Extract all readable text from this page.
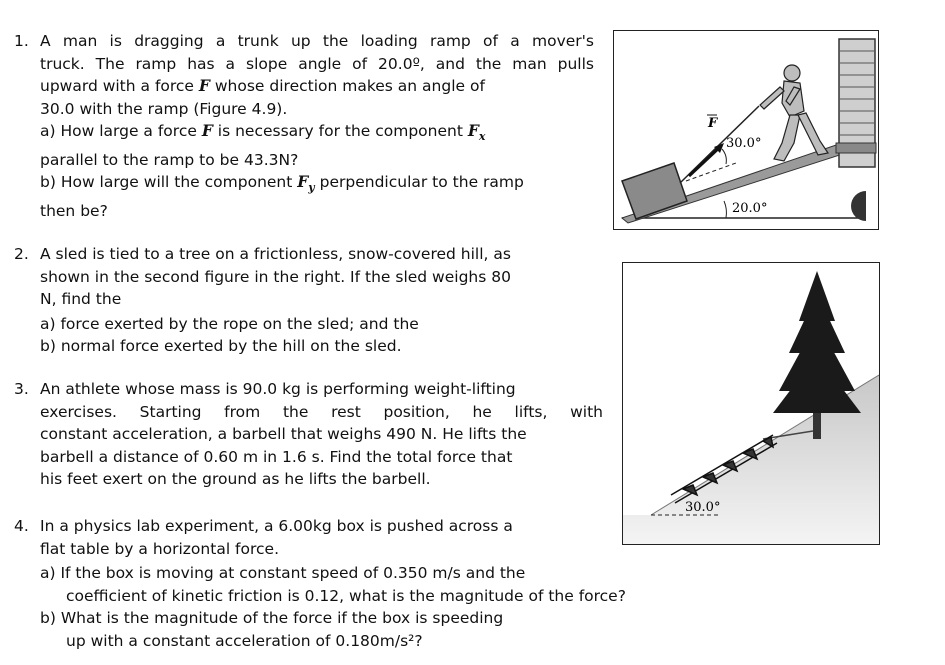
1. A man is dragging a trunk up the loading ramp of a mover's
truck. The ramp has a slope angle of 20.0º, and the man pulls
upward with a force F whose direction makes an angle of
30.0 with the ramp (Figure 4.9).
a) How large a force F is necessary for the component $F_x$
parallel to the ramp to be 43.3N?
b) How large will the component $F_y$ perpendicular to the ramp
then be?
2. A sled is tied to a tree on a frictionless, snow-covered hill, as
shown in the second figure in the right. If the sled weighs 80
N, find the
a) force exerted by the rope on the sled; and the
b) normal force exerted by the hill on the sled.
3. An athlete whose mass is 90.0 kg is performing weight-lifting
exercises. Starting from the rest position, he lifts, with
constant acceleration, a barbell that weighs 490 N. He lifts the
barbell a distance of 0.60 m in 1.6 s. Find the total force that
his feet exert on the ground as he lifts the barbell.
4. In a physics lab experiment, a 6.00kg box is pushed across a
flat table by a horizontal force.
a) If the box is moving at constant speed of 0.350 m/s and the
coefficient of kinetic friction is 0.12, what is the magnitude of the force?
b) What is the magnitude of the force if the box is speeding
up with a constant acceleration of 0.180m/s²?
F
30.0°
20.0°
30.0°
